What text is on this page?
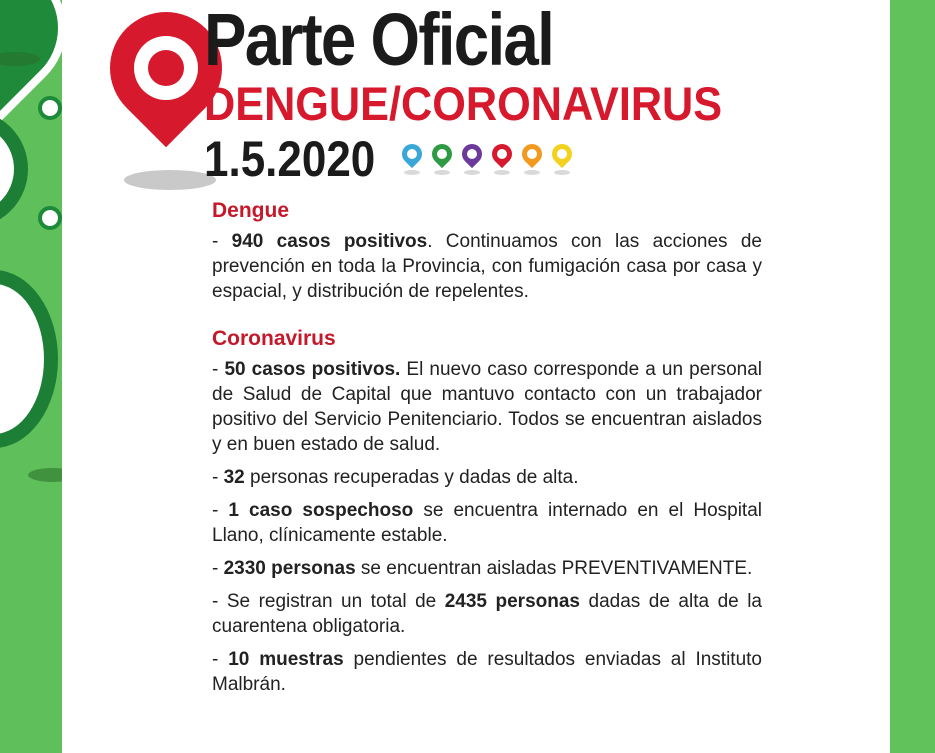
Parte Oficial
DENGUE/CORONAVIRUS
1.5.2020
Dengue

- 940 casos positivos. Continuamos con las acciones de prevención en toda la Provincia, con fumigación casa por casa y espacial, y distribución de repelentes.

Coronavirus

- 50 casos positivos. El nuevo caso corresponde a un personal de Salud de Capital que mantuvo contacto con un trabajador positivo del Servicio Penitenciario. Todos se encuentran aislados y en buen estado de salud.

- 32 personas recuperadas y dadas de alta.

- 1 caso sospechoso se encuentra internado en el Hospital Llano, clínicamente estable.

- 2330 personas se encuentran aisladas PREVENTIVAMENTE.

- Se registran un total de 2435 personas dadas de alta de la cuarentena obligatoria.

- 10 muestras pendientes de resultados enviadas al Instituto Malbrán.
